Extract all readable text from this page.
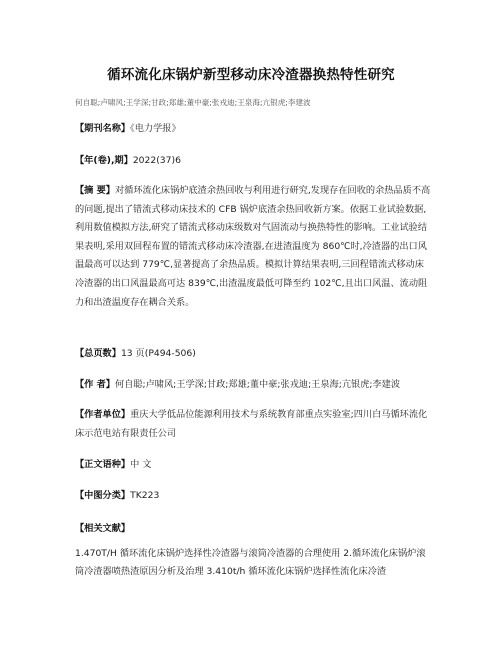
循环流化床锅炉新型移动床冷渣器换热特性研究
何自聪;卢啸风;王学深;甘政;郑雄;董中豪;张戎迪;王泉海;亢银虎;李建波
【期刊名称】《电力学报》
【年(卷),期】2022(37)6
【摘 要】对循环流化床锅炉底渣余热回收与利用进行研究,发现存在回收的余热品质不高的问题,提出了错流式移动床技术的 CFB 锅炉底渣余热回收新方案。依据工业试验数据,利用数值模拟方法,研究了错流式移动床级数对气固流动与换热特性的影响。工业试验结果表明,采用双回程布置的错流式移动床冷渣器,在进渣温度为 860℃时,冷渣器的出口风温最高可以达到 779℃,显著提高了余热品质。模拟计算结果表明,三回程错流式移动床冷渣器的出口风温最高可达 839℃,出渣温度最低可降至约 102℃,且出口风温、流动阻力和出渣温度存在耦合关系。
【总页数】13 页(P494-506)
【作 者】何自聪;卢啸风;王学深;甘政;郑雄;董中豪;张戎迪;王泉海;亢银虎;李建波
【作者单位】重庆大学低品位能源利用技术与系统教育部重点实验室;四川白马循环流化床示范电站有限责任公司
【正文语种】中 文
【中图分类】TK223
【相关文献】
1.470T/H 循环流化床锅炉选择性冷渣器与滚筒冷渣器的合理使用 2.循环流化床锅炉滚筒冷渣器喷热渣原因分析及治理 3.410t/h 循环流化床锅炉选择性流化床冷渣
